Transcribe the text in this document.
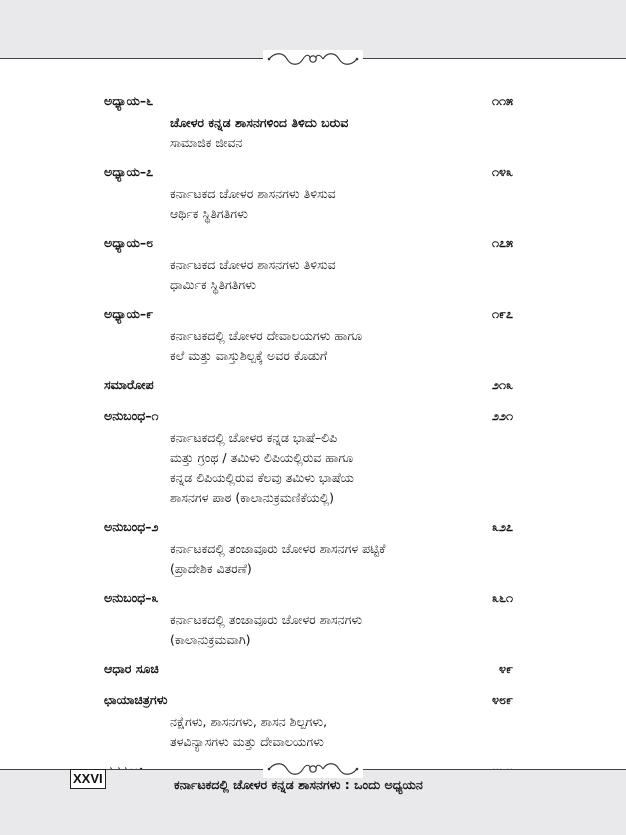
ಅಧ್ಯಾಯ–೬	೧೧೫
ಚೋಳರ ಕನ್ನಡ ಶಾಸನಗಳಿಂದ ತಿಳಿದು ಬರುವ
ಸಾಮಾಜಿಕ ಜೀವನ
ಅಧ್ಯಾಯ–೭	೧೪೩
ಕರ್ನಾಟಕದ ಚೋಳರ ಶಾಸನಗಳು ತಿಳಿಸುವ
ಆರ್ಥಿಕ ಸ್ಥಿತಿಗತಿಗಳು
ಅಧ್ಯಾಯ–೮	೧೭೫
ಕರ್ನಾಟಕದ ಚೋಳರ ಶಾಸನಗಳು ತಿಳಿಸುವ
ಧಾರ್ಮಿಕ ಸ್ಥಿತಿಗತಿಗಳು
ಅಧ್ಯಾಯ–೯	೧೯೭
ಕರ್ನಾಟಕದಲ್ಲಿ ಚೋಳರ ದೇವಾಲಯಗಳು ಹಾಗೂ
ಕಲೆ ಮತ್ತು ವಾಸ್ತುಶಿಲ್ಪಕ್ಕೆ ಅವರ ಕೊಡುಗೆ
ಸಮಾರೋಪ	೨೧೩
ಅನುಬಂಧ–೧	೨೨೧
ಕರ್ನಾಟಕದಲ್ಲಿ ಚೋಳರ ಕನ್ನಡ ಭಾಷೆ–ಲಿಪಿ
ಮತ್ತು ಗ್ರಂಥ / ತಮಿಳು ಲಿಪಿಯಲ್ಲಿರುವ ಹಾಗೂ
ಕನ್ನಡ ಲಿಪಿಯಲ್ಲಿರುವ ಕೆಲವು ತಮಿಳು ಭಾಷೆಯ
ಶಾಸನಗಳ ಪಾಠ (ಕಾಲಾನುಕ್ರಮಣಿಕೆಯಲ್ಲಿ)
ಅನುಬಂಧ–೨	೩೨೭
ಕರ್ನಾಟಕದಲ್ಲಿ ತಂಜಾವೂರು ಚೋಳರ ಶಾಸನಗಳ ಪಟ್ಟಿಕೆ
(ಪ್ರಾದೇಶಿಕ ವಿತರಣೆ)
ಅನುಬಂಧ–೩	೩೬೧
ಕರ್ನಾಟಕದಲ್ಲಿ ತಂಜಾವೂರು ಚೋಳರ ಶಾಸನಗಳು
(ಕಾಲಾನುಕ್ರಮವಾಗಿ)
ಆಧಾರ ಸೂಚಿ	೪೯
ಛಾಯಾಚಿತ್ರಗಳು	೪೮೯
ನಕ್ಷೆಗಳು, ಶಾಸನಗಳು, ಶಾಸನ ಶಿಲ್ಪಗಳು,
ತಳವಿನ್ಯಾಸಗಳು ಮತ್ತು ದೇವಾಲಯಗಳು
XXVI	ಕರ್ನಾಟಕದಲ್ಲಿ ಚೋಳರ ಕನ್ನಡ ಶಾಸನಗಳು : ಒಂದು ಅಧ್ಯಯನ
